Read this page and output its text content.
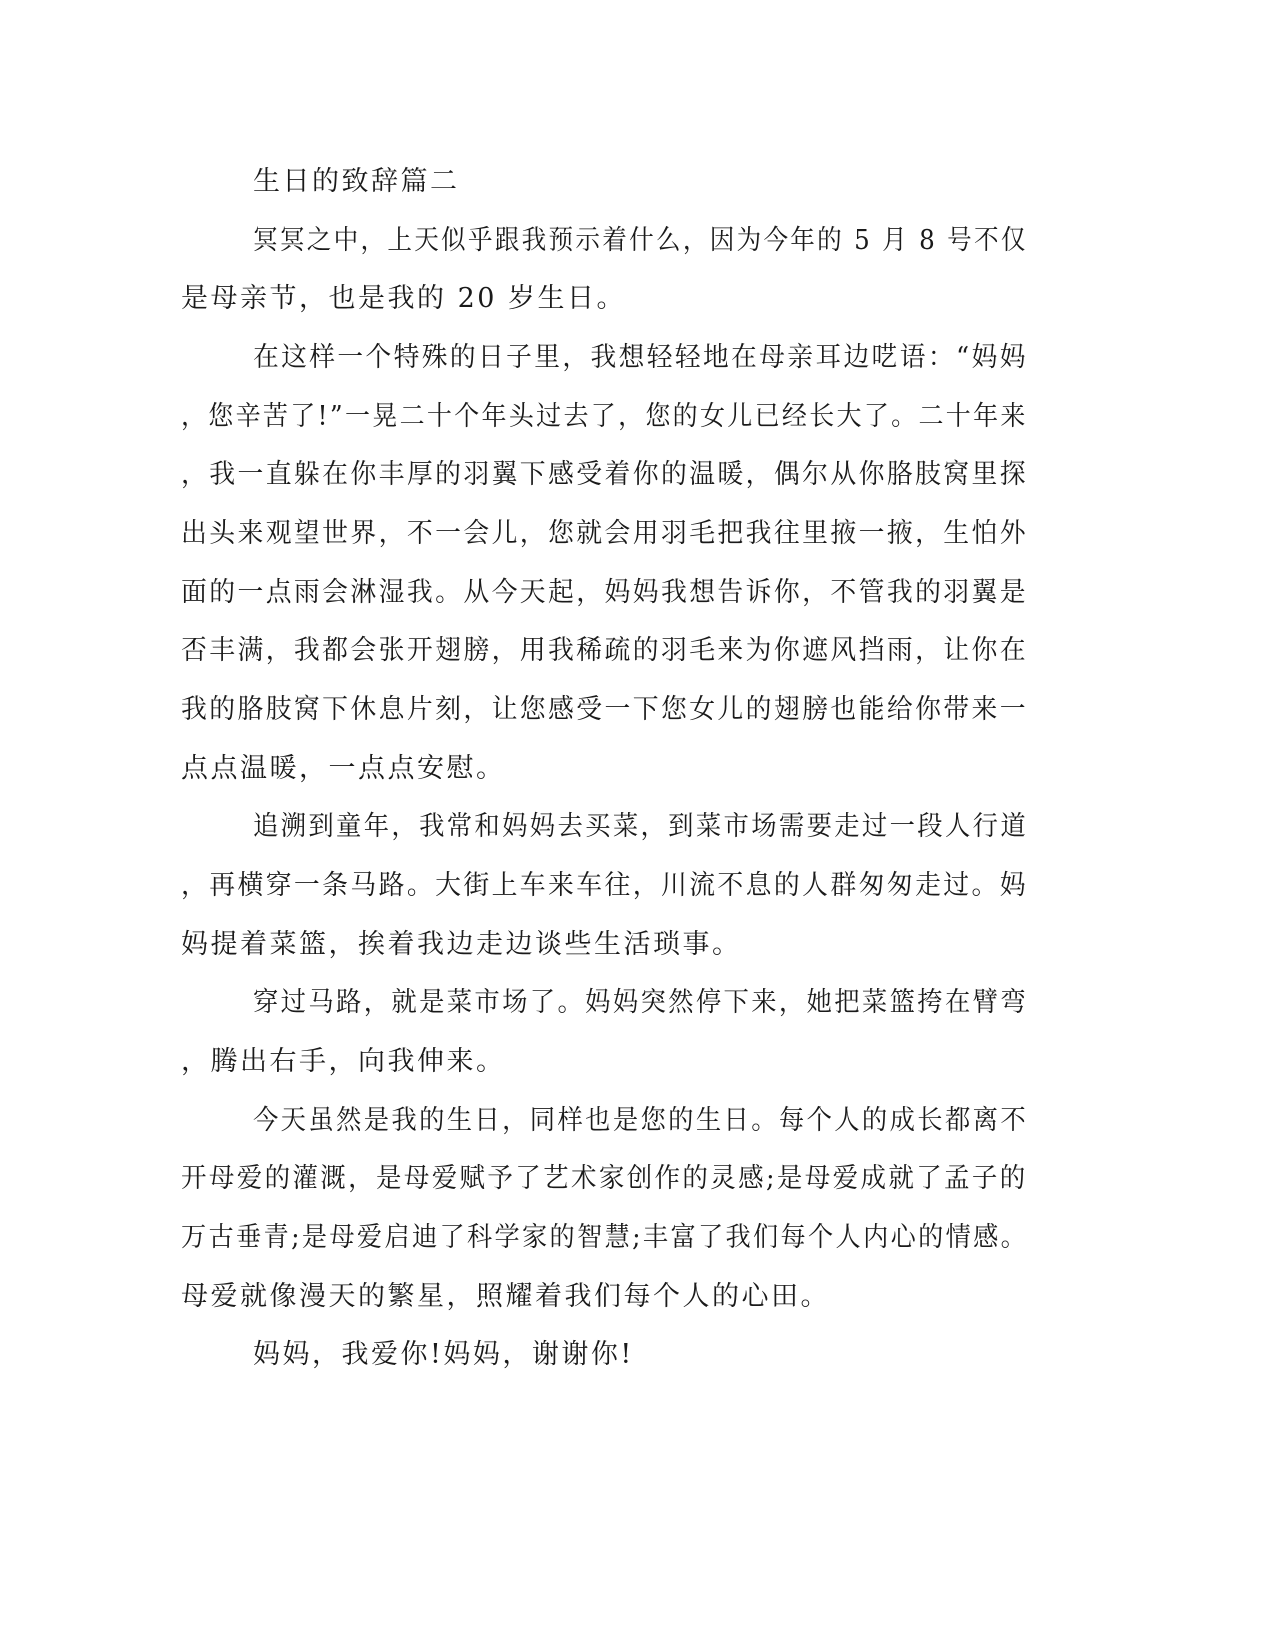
生日的致辞篇二
冥冥之中，上天似乎跟我预示着什么，因为今年的 5 月 8 号不仅
是母亲节，也是我的 20 岁生日。
在这样一个特殊的日子里，我想轻轻地在母亲耳边呓语：“妈妈
，您辛苦了!”一晃二十个年头过去了，您的女儿已经长大了。二十年来
，我一直躲在你丰厚的羽翼下感受着你的温暖，偶尔从你胳肢窝里探
出头来观望世界，不一会儿，您就会用羽毛把我往里掖一掖，生怕外
面的一点雨会淋湿我。从今天起，妈妈我想告诉你，不管我的羽翼是
否丰满，我都会张开翅膀，用我稀疏的羽毛来为你遮风挡雨，让你在
我的胳肢窝下休息片刻，让您感受一下您女儿的翅膀也能给你带来一
点点温暖，一点点安慰。
追溯到童年，我常和妈妈去买菜，到菜市场需要走过一段人行道
，再横穿一条马路。大街上车来车往，川流不息的人群匆匆走过。妈
妈提着菜篮，挨着我边走边谈些生活琐事。
穿过马路，就是菜市场了。妈妈突然停下来，她把菜篮挎在臂弯
，腾出右手，向我伸来。
今天虽然是我的生日，同样也是您的生日。每个人的成长都离不
开母爱的灌溉，是母爱赋予了艺术家创作的灵感;是母爱成就了孟子的
万古垂青;是母爱启迪了科学家的智慧;丰富了我们每个人内心的情感。
母爱就像漫天的繁星，照耀着我们每个人的心田。
妈妈，我爱你!妈妈，谢谢你!
